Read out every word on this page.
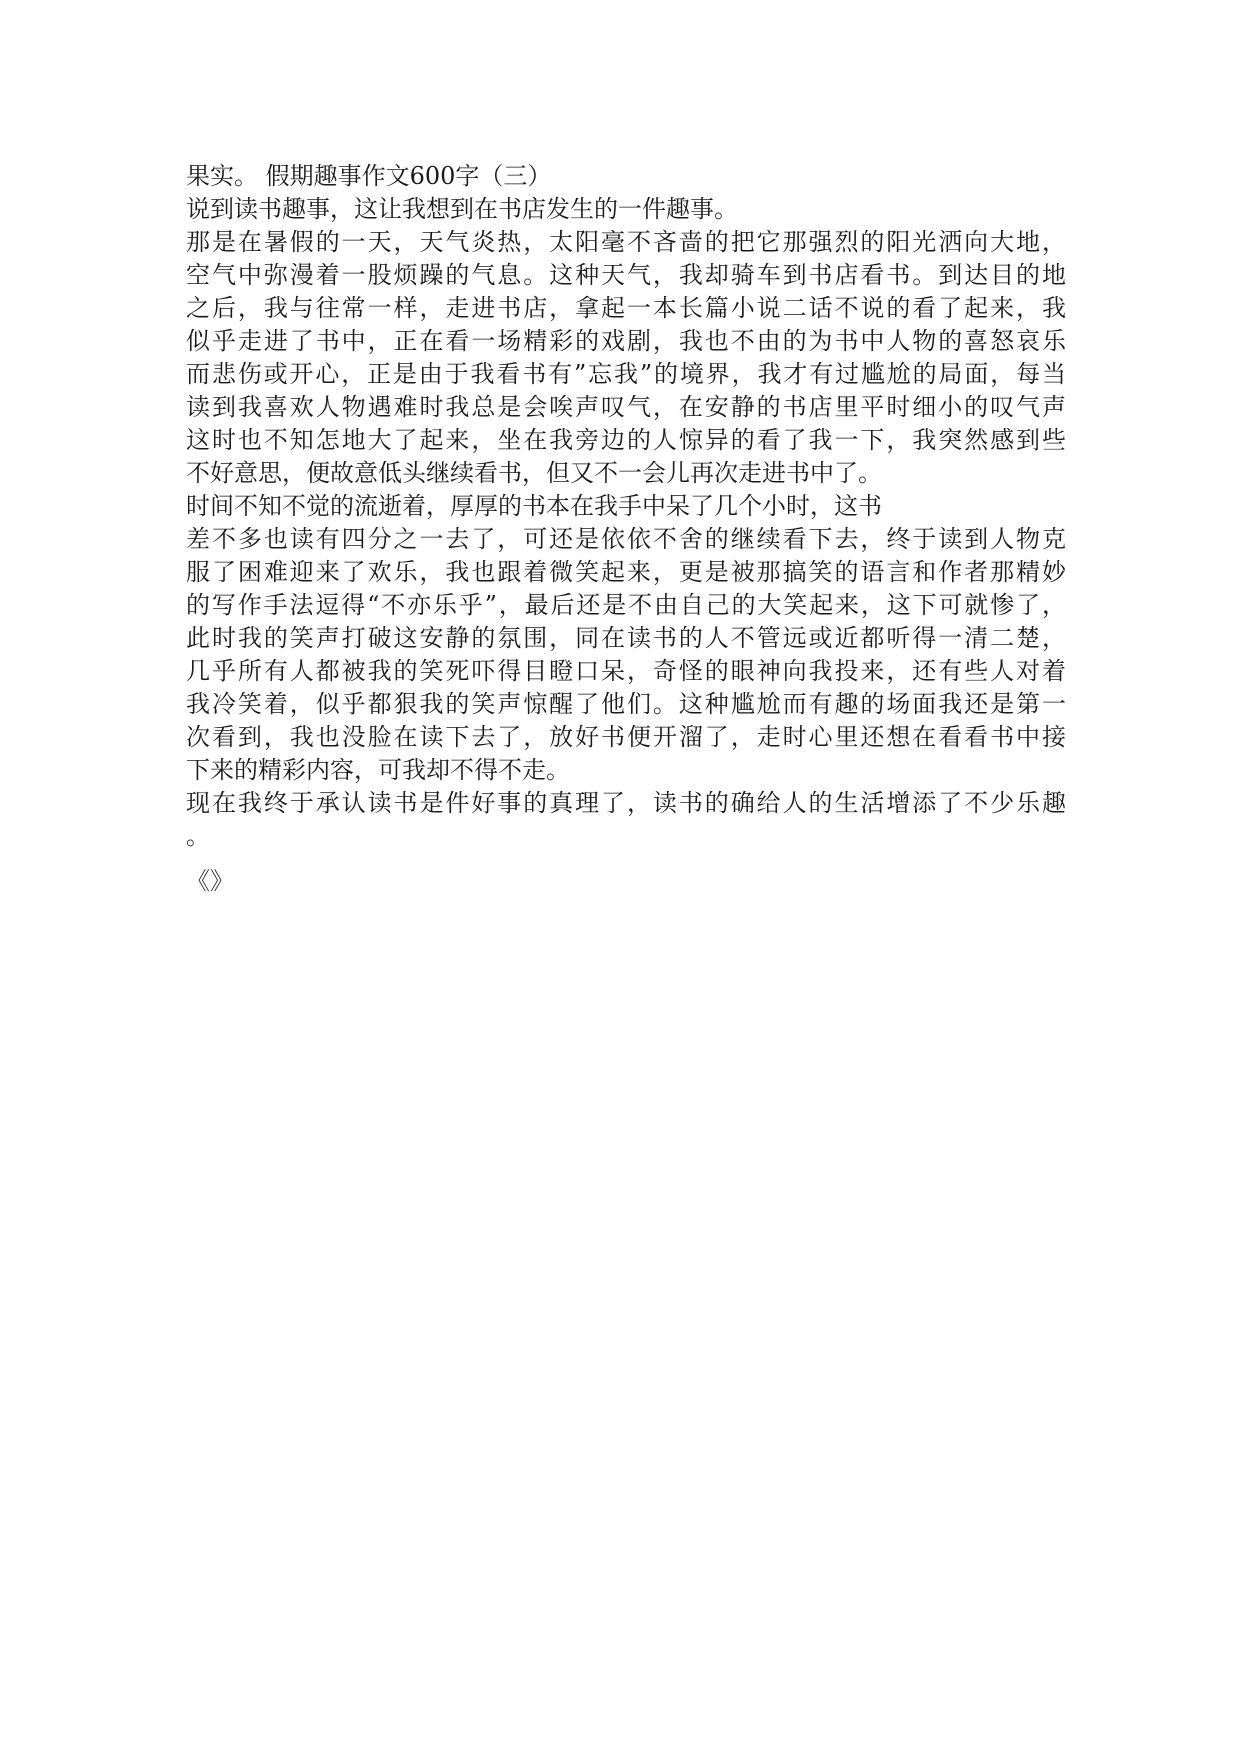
果实。 假期趣事作文600字（三）
说到读书趣事，这让我想到在书店发生的一件趣事。
那是在暑假的一天，天气炎热，太阳毫不吝啬的把它那强烈的阳光洒向大地，
空气中弥漫着一股烦躁的气息。这种天气，我却骑车到书店看书。到达目的地
之后，我与往常一样，走进书店，拿起一本长篇小说二话不说的看了起来，我
似乎走进了书中，正在看一场精彩的戏剧，我也不由的为书中人物的喜怒哀乐
而悲伤或开心，正是由于我看书有”忘我”的境界，我才有过尴尬的局面，每当
读到我喜欢人物遇难时我总是会唉声叹气，在安静的书店里平时细小的叹气声
这时也不知怎地大了起来，坐在我旁边的人惊异的看了我一下，我突然感到些
不好意思，便故意低头继续看书，但又不一会儿再次走进书中了。
时间不知不觉的流逝着，厚厚的书本在我手中呆了几个小时，这书
差不多也读有四分之一去了，可还是依依不舍的继续看下去，终于读到人物克
服了困难迎来了欢乐，我也跟着微笑起来，更是被那搞笑的语言和作者那精妙
的写作手法逗得“不亦乐乎”，最后还是不由自己的大笑起来，这下可就惨了，
此时我的笑声打破这安静的氛围，同在读书的人不管远或近都听得一清二楚，
几乎所有人都被我的笑死吓得目瞪口呆，奇怪的眼神向我投来，还有些人对着
我冷笑着，似乎都狠我的笑声惊醒了他们。这种尴尬而有趣的场面我还是第一
次看到，我也没脸在读下去了，放好书便开溜了，走时心里还想在看看书中接
下来的精彩内容，可我却不得不走。
现在我终于承认读书是件好事的真理了，读书的确给人的生活增添了不少乐趣
。
《》
